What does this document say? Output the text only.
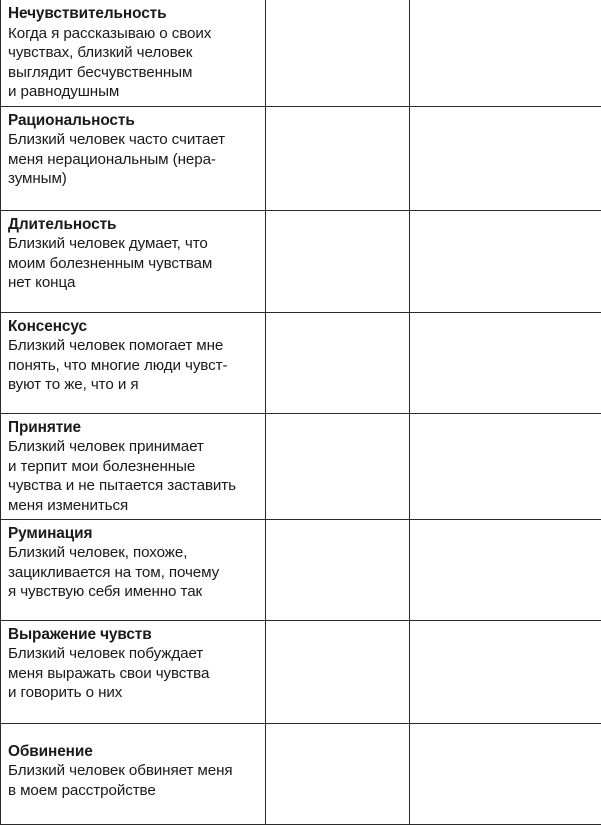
Нечувствительность
Когда я рассказываю о своих
чувствах, близкий человек
выглядит бесчувственным
и равнодушным		

Рациональность
Близкий человек часто считает
меня нерациональным (нера-
зумным)		

Длительность
Близкий человек думает, что
моим болезненным чувствам
нет конца		

Консенсус
Близкий человек помогает мне
понять, что многие люди чувст-
вуют то же, что и я		

Принятие
Близкий человек принимает
и терпит мои болезненные
чувства и не пытается заставить
меня измениться		

Руминация
Близкий человек, похоже,
зацикливается на том, почему
я чувствую себя именно так		

Выражение чувств
Близкий человек побуждает
меня выражать свои чувства
и говорить о них		

Обвинение
Близкий человек обвиняет меня
в моем расстройстве		
